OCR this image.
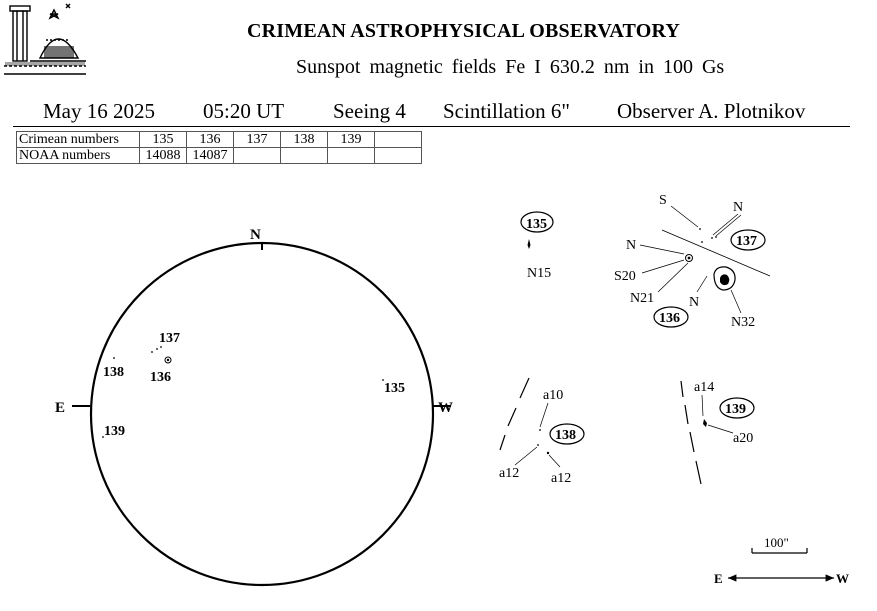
CRIMEAN ASTROPHYSICAL OBSERVATORY
Sunspot magnetic fields Fe I 630.2 nm in 100 Gs
May 16 2025 05:20 UT Seeing 4 Scintillation 6" Observer A. Plotnikov
Crimean numbers	135	136	137	138	139	
NOAA numbers	14088	14087				
N
E	W
137
138 136
135
139
135
N15
137
136
S	N
N
S20
N21 N
N32
138
a10
a12 a12
139
a14
a20
100"
E	W
